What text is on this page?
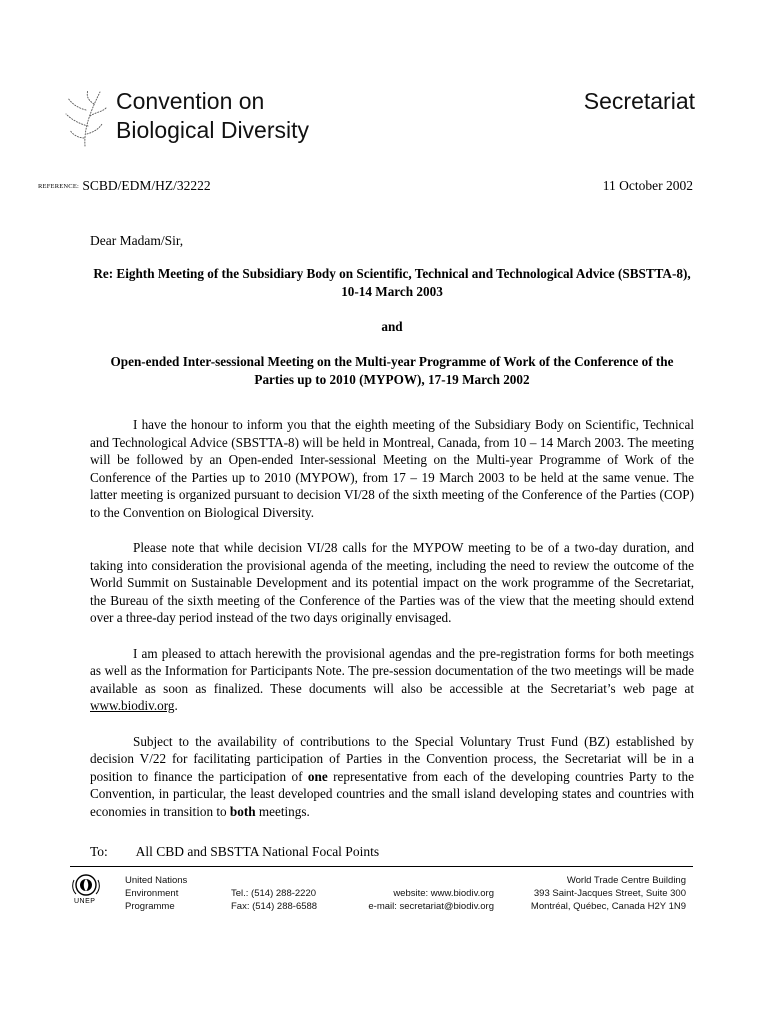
Convention on
Biological Diversity
Secretariat
REFERENCE: SCBD/EDM/HZ/32222	11 October 2002
Dear Madam/Sir,

Re: Eighth Meeting of the Subsidiary Body on Scientific, Technical and Technological Advice (SBSTTA-8), 10-14 March 2003

and

Open-ended Inter-sessional Meeting on the Multi-year Programme of Work of the Conference of the Parties up to 2010 (MYPOW), 17-19 March 2002

I have the honour to inform you that the eighth meeting of the Subsidiary Body on Scientific, Technical and Technological Advice (SBSTTA-8) will be held in Montreal, Canada, from 10 – 14 March 2003. The meeting will be followed by an Open-ended Inter-sessional Meeting on the Multi-year Programme of Work of the Conference of the Parties up to 2010 (MYPOW), from 17 – 19 March 2003 to be held at the same venue. The latter meeting is organized pursuant to decision VI/28 of the sixth meeting of the Conference of the Parties (COP) to the Convention on Biological Diversity.

Please note that while decision VI/28 calls for the MYPOW meeting to be of a two-day duration, and taking into consideration the provisional agenda of the meeting, including the need to review the outcome of the World Summit on Sustainable Development and its potential impact on the work programme of the Secretariat, the Bureau of the sixth meeting of the Conference of the Parties was of the view that the meeting should extend over a three-day period instead of the two days originally envisaged.

I am pleased to attach herewith the provisional agendas and the pre-registration forms for both meetings as well as the Information for Participants Note. The pre-session documentation of the two meetings will be made available as soon as finalized. These documents will also be accessible at the Secretariat’s web page at www.biodiv.org.

Subject to the availability of contributions to the Special Voluntary Trust Fund (BZ) established by decision V/22 for facilitating participation of Parties in the Convention process, the Secretariat will be in a position to finance the participation of one representative from each of the developing countries Party to the Convention, in particular, the least developed countries and the small island developing states and countries with economies in transition to both meetings.

To: All CBD and SBSTTA National Focal Points
UNEP
United Nations
Environment
Programme
Tel.: (514) 288-2220
Fax: (514) 288-6588
website: www.biodiv.org
e-mail: secretariat@biodiv.org
World Trade Centre Building
393 Saint-Jacques Street, Suite 300
Montréal, Québec, Canada H2Y 1N9
